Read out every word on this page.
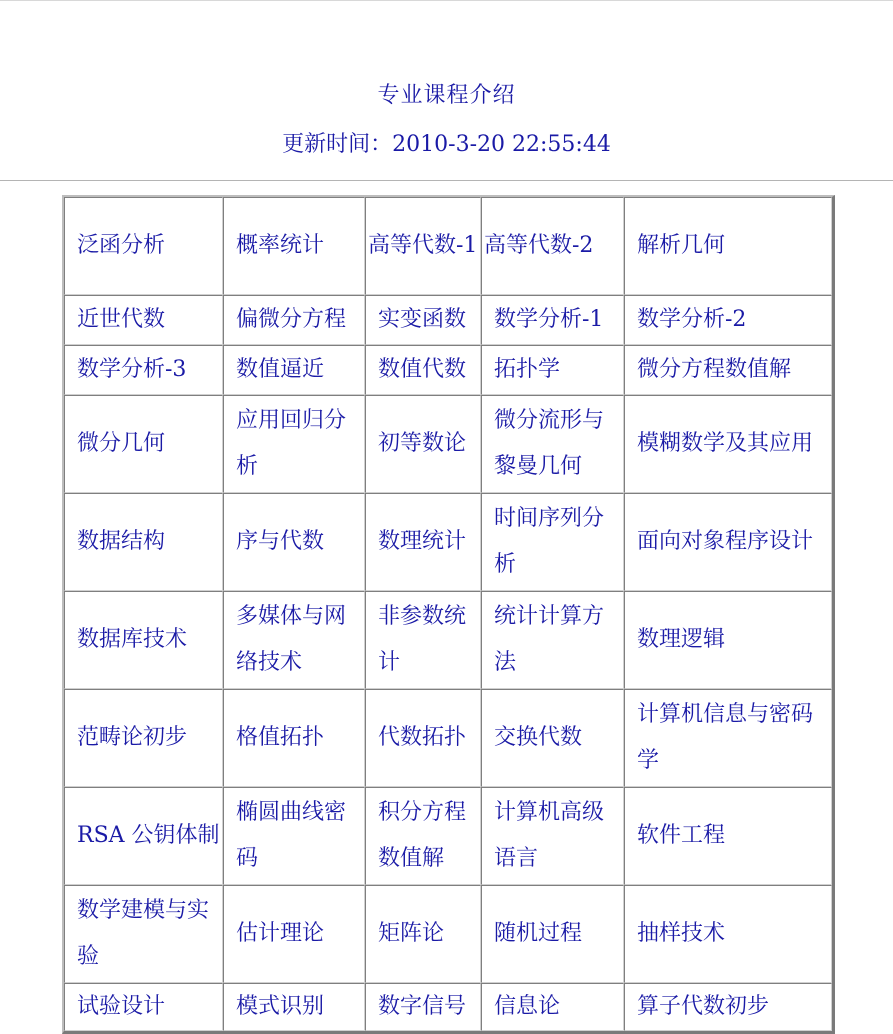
专业课程介绍
更新时间：2010-3-20 22:55:44
泛函分析	概率统计	高等代数-1	高等代数-2	解析几何
近世代数	偏微分方程	实变函数	数学分析-1	数学分析-2
数学分析-3	数值逼近	数值代数	拓扑学	微分方程数值解
微分几何	应用回归分析	初等数论	微分流形与黎曼几何	模糊数学及其应用
数据结构	序与代数	数理统计	时间序列分析	面向对象程序设计
数据库技术	多媒体与网络技术	非参数统计	统计计算方法	数理逻辑
范畴论初步	格值拓扑	代数拓扑	交换代数	计算机信息与密码学
RSA 公钥体制	椭圆曲线密码	积分方程数值解	计算机高级语言	软件工程
数学建模与实验	估计理论	矩阵论	随机过程	抽样技术
试验设计	模式识别	数字信号	信息论	算子代数初步
